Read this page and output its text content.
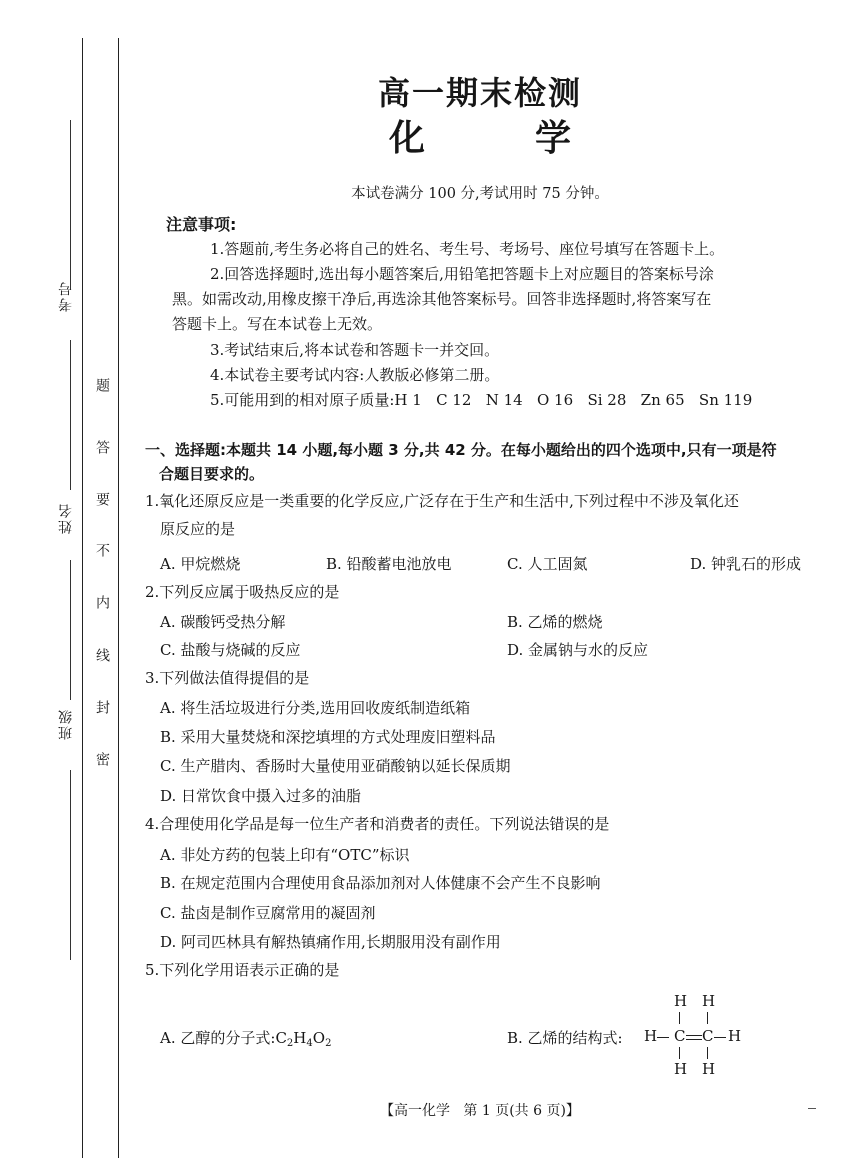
考号
姓名
班级
题
答
要
不
内
线
封
密
高一期末检测
化	学
本试卷满分 100 分,考试用时 75 分钟。
注意事项:
1.答题前,考生务必将自己的姓名、考生号、考场号、座位号填写在答题卡上。
2.回答选择题时,选出每小题答案后,用铅笔把答题卡上对应题目的答案标号涂
黑。如需改动,用橡皮擦干净后,再选涂其他答案标号。回答非选择题时,将答案写在
答题卡上。写在本试卷上无效。
3.考试结束后,将本试卷和答题卡一并交回。
4.本试卷主要考试内容:人教版必修第二册。
5.可能用到的相对原子质量:H 1   C 12   N 14   O 16   Si 28   Zn 65   Sn 119
一、选择题:本题共 14 小题,每小题 3 分,共 42 分。在每小题给出的四个选项中,只有一项是符
合题目要求的。
1.氧化还原反应是一类重要的化学反应,广泛存在于生产和生活中,下列过程中不涉及氧化还
原反应的是
A. 甲烷燃烧	B. 铅酸蓄电池放电	C. 人工固氮	D. 钟乳石的形成
2.下列反应属于吸热反应的是
A. 碳酸钙受热分解	B. 乙烯的燃烧
C. 盐酸与烧碱的反应	D. 金属钠与水的反应
3.下列做法值得提倡的是
A. 将生活垃圾进行分类,选用回收废纸制造纸箱
B. 采用大量焚烧和深挖填埋的方式处理废旧塑料品
C. 生产腊肉、香肠时大量使用亚硝酸钠以延长保质期
D. 日常饮食中摄入过多的油脂
4.合理使用化学品是每一位生产者和消费者的责任。下列说法错误的是
A. 非处方药的包装上印有“OTC”标识
B. 在规定范围内合理使用食品添加剂对人体健康不会产生不良影响
C. 盐卤是制作豆腐常用的凝固剂
D. 阿司匹林具有解热镇痛作用,长期服用没有副作用
5.下列化学用语表示正确的是
A. 乙醇的分子式$:C_2H_4O_2$	B. 乙烯的结构式:
H H
H C C H
H H
【高一化学   第 1 页(共 6 页)】
